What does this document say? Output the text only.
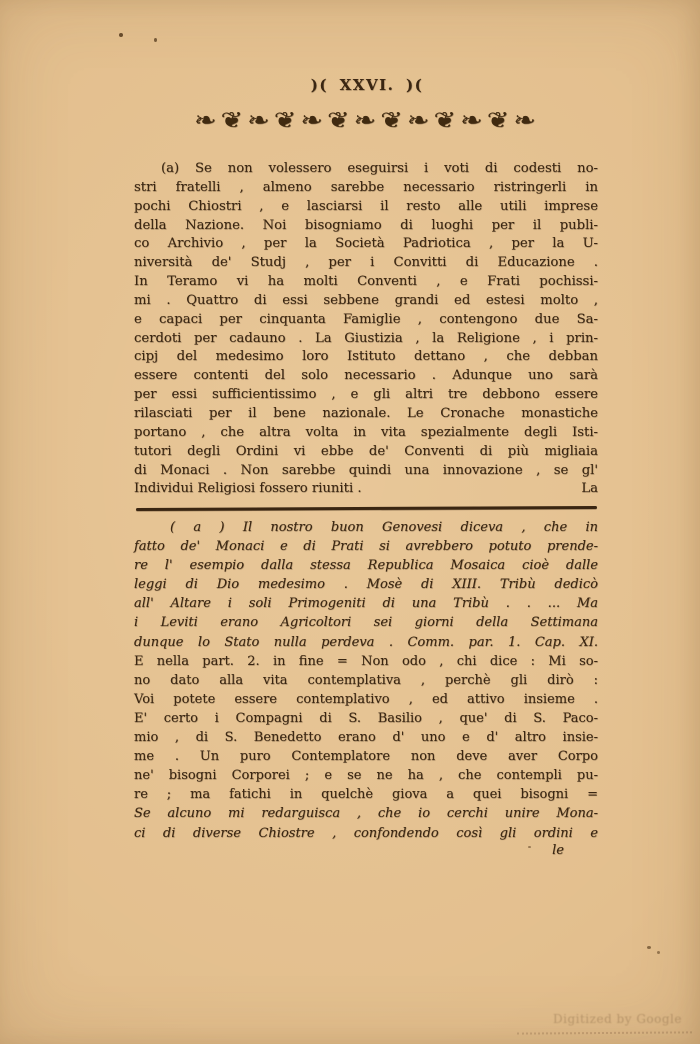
)( XXVI. )(
❧❦❧❦❧❦❧❦❧❦❧❦❧
(a) Se non volessero eseguirsi i voti di codesti no-
stri fratelli , almeno sarebbe necessario ristringerli in
pochi Chiostri , e lasciarsi il resto alle utili imprese
della Nazione. Noi bisogniamo di luoghi per il publi-
co Archivio , per la Società Padriotica , per la U-
niversità de' Studj , per i Convitti di Educazione .
In Teramo vi ha molti Conventi , e Frati pochissi-
mi . Quattro di essi sebbene grandi ed estesi molto ,
e capaci per cinquanta Famiglie , contengono due Sa-
cerdoti per cadauno . La Giustizia , la Religione , i prin-
cipj del medesimo loro Istituto dettano , che debban
essere contenti del solo necessario . Adunque uno sarà
per essi sufficientissimo , e gli altri tre debbono essere
rilasciati per il bene nazionale. Le Cronache monastiche
portano , che altra volta in vita spezialmente degli Isti-
tutori degli Ordini vi ebbe de' Conventi di più migliaia
di Monaci . Non sarebbe quindi una innovazione , se gl'
Individui Religiosi fossero riuniti .	La
( a ) Il nostro buon Genovesi diceva , che in
fatto de' Monaci e di Prati si avrebbero potuto prende-
re l' esempio dalla stessa Republica Mosaica cioè dalle
leggi di Dio medesimo . Mosè di XIII. Tribù dedicò
all' Altare i soli Primogeniti di una Tribù . . ... Ma
i Leviti erano Agricoltori sei giorni della Settimana
dunque lo Stato nulla perdeva . Comm. par. 1. Cap. XI.
E nella part. 2. in fine = Non odo , chi dice : Mi so-
no dato alla vita contemplativa , perchè gli dirò :
Voi potete essere contemplativo , ed attivo insieme .
E' certo i Compagni di S. Basilio , que' di S. Paco-
mio , di S. Benedetto erano d' uno e d' altro insie-
me . Un puro Contemplatore non deve aver Corpo
ne' bisogni Corporei ; e se ne ha , che contempli pu-
re ; ma fatichi in quelchè giova a quei bisogni =
Se alcuno mi redarguisca , che io cerchi unire Mona-
ci di diverse Chiostre , confondendo così gli ordini e
le
Digitized by Google
